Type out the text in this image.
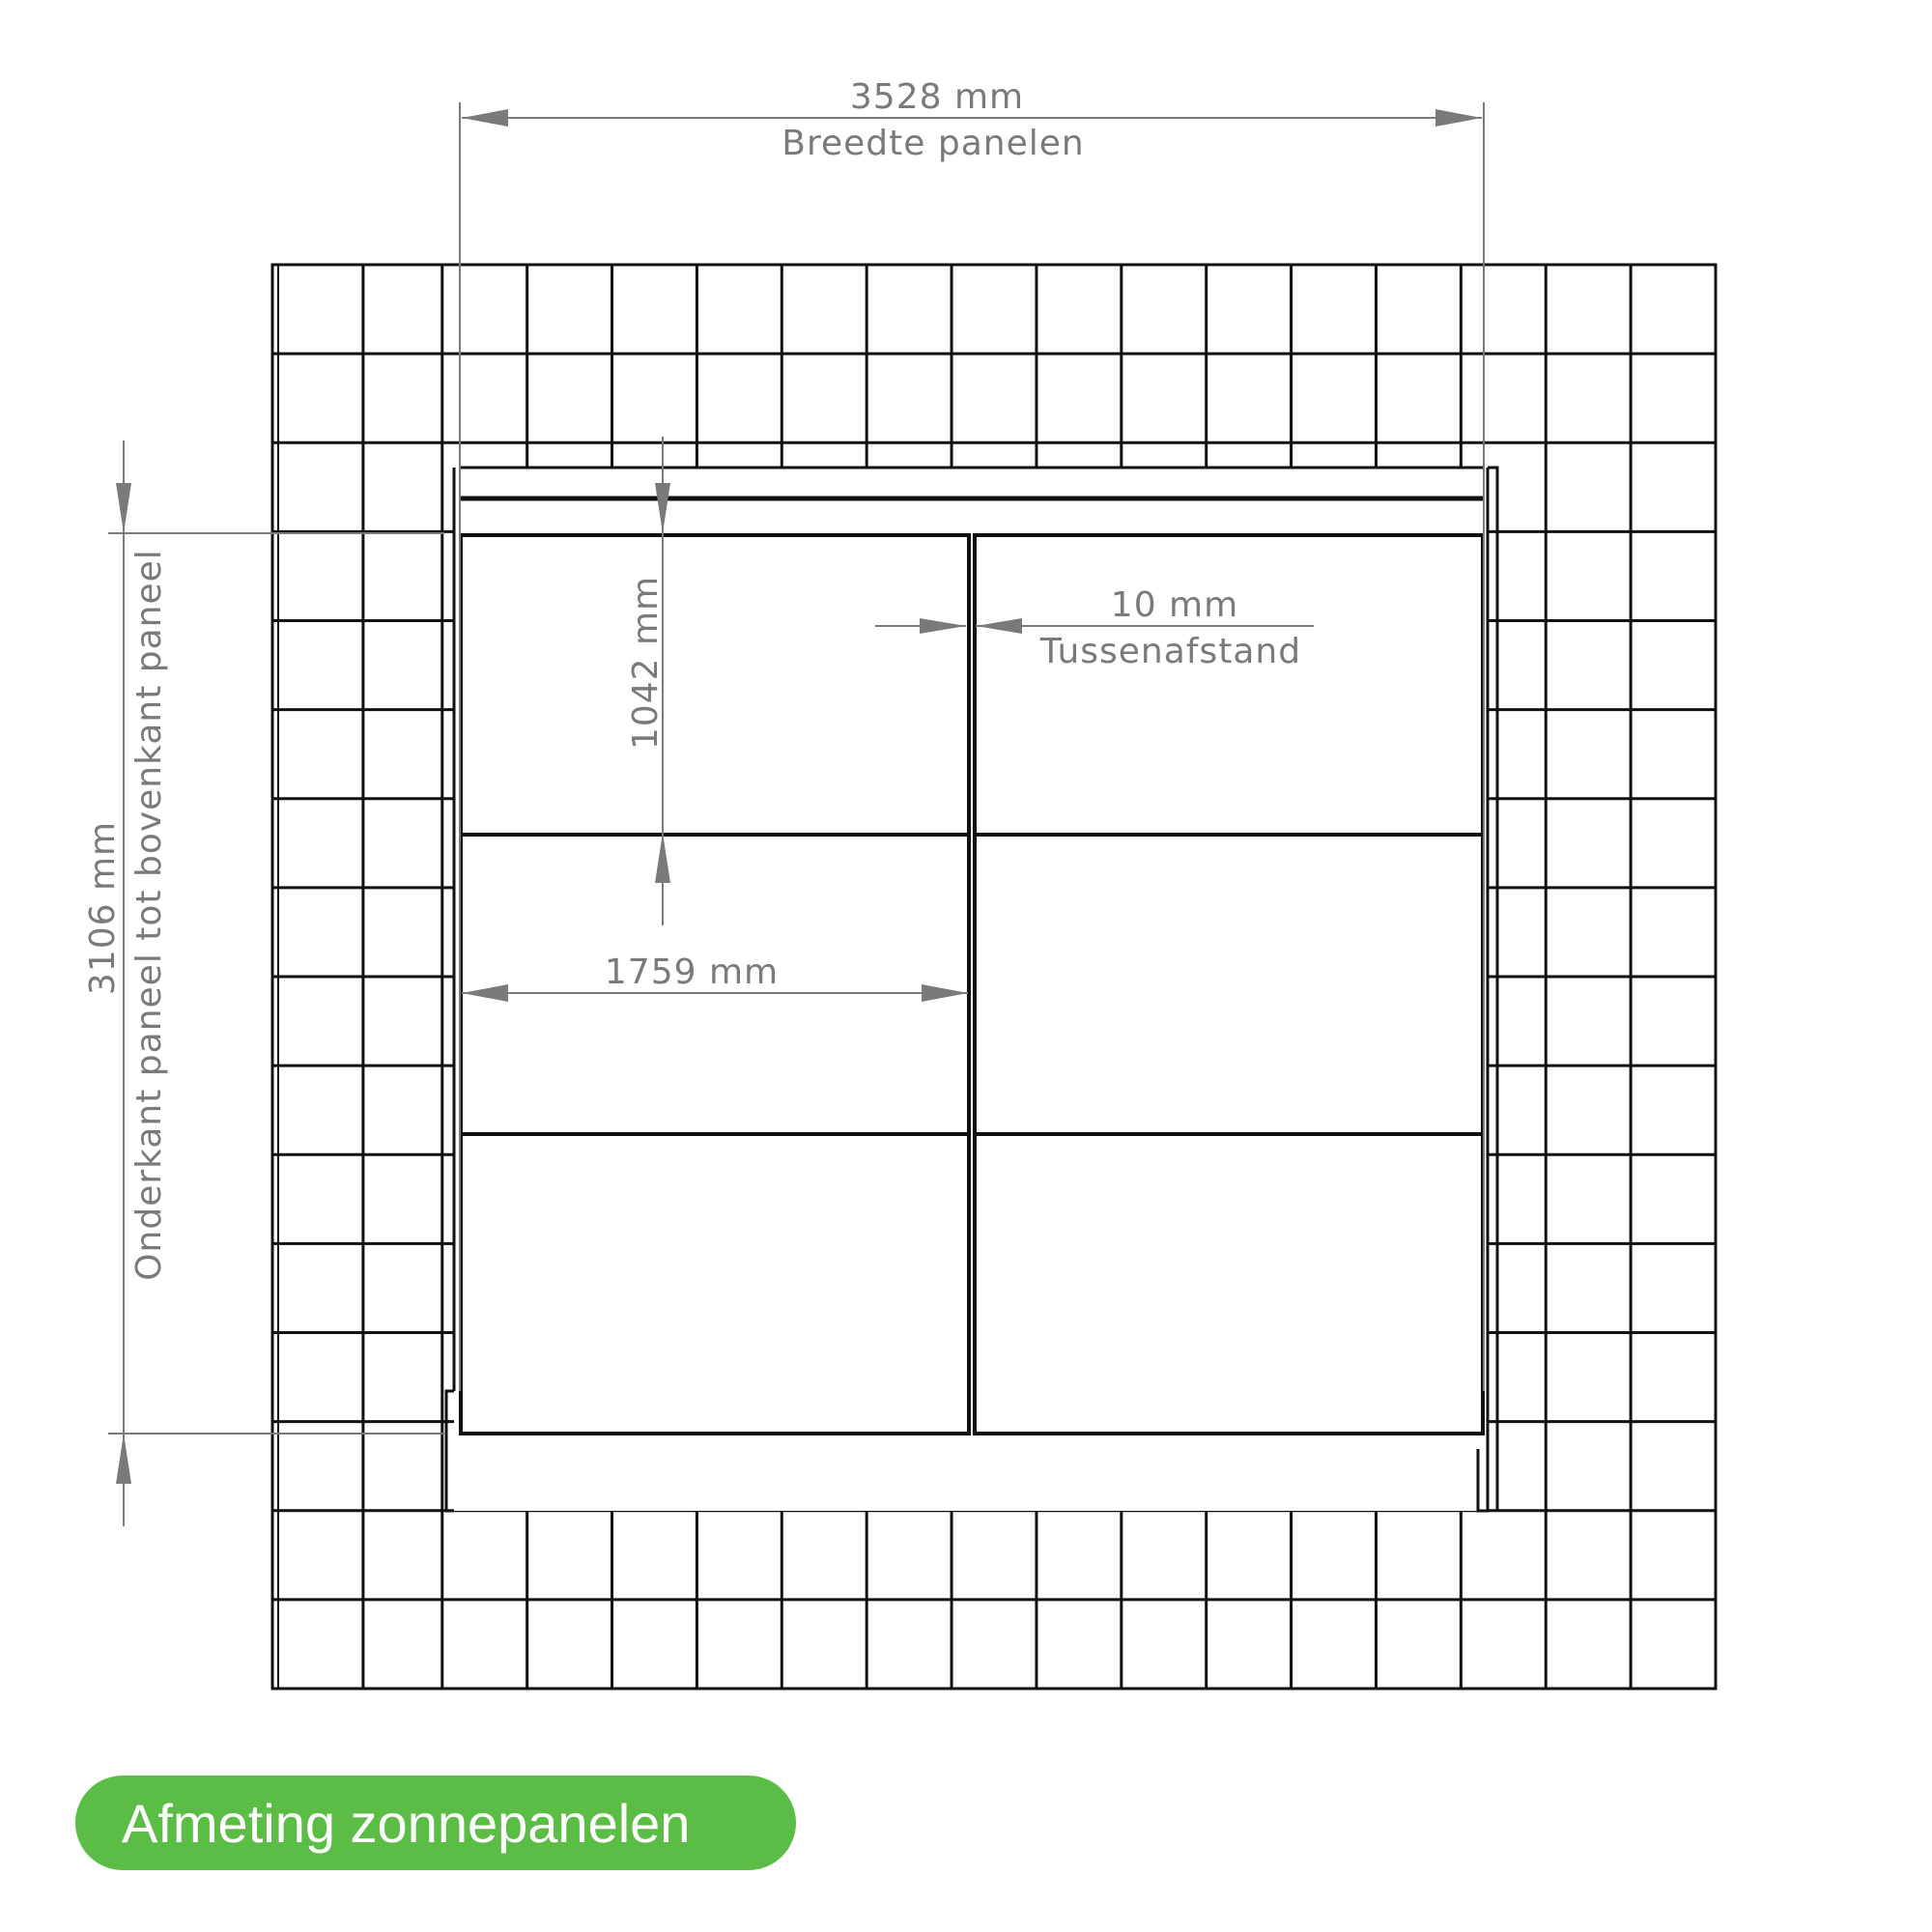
3528 mm
Breedte panelen
1042 mm	10 mm
Tussenafstand
1759 mm
3106 mm Onderkant paneel tot bovenkant paneel
Afmeting zonnepanelen
